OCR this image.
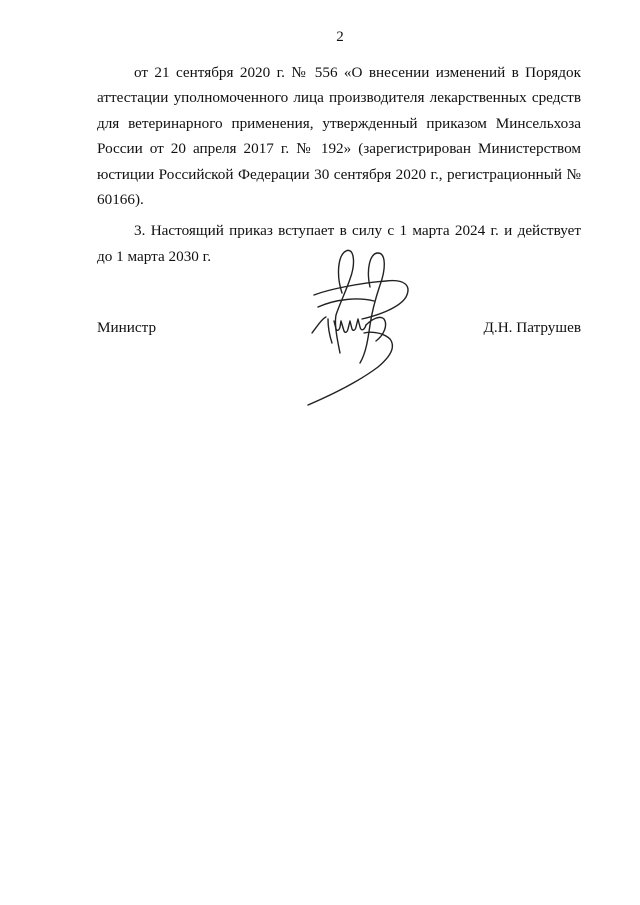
2

от 21 сентября 2020 г. № 556 «О внесении изменений в Порядок аттестации уполномоченного лица производителя лекарственных средств для ветеринарного применения, утвержденный приказом Минсельхоза России от 20 апреля 2017 г. № 192» (зарегистрирован Министерством юстиции Российской Федерации 30 сентября 2020 г., регистрационный № 60166).

3. Настоящий приказ вступает в силу с 1 марта 2024 г. и действует до 1 марта 2030 г.

Министр	Д.Н. Патрушев
